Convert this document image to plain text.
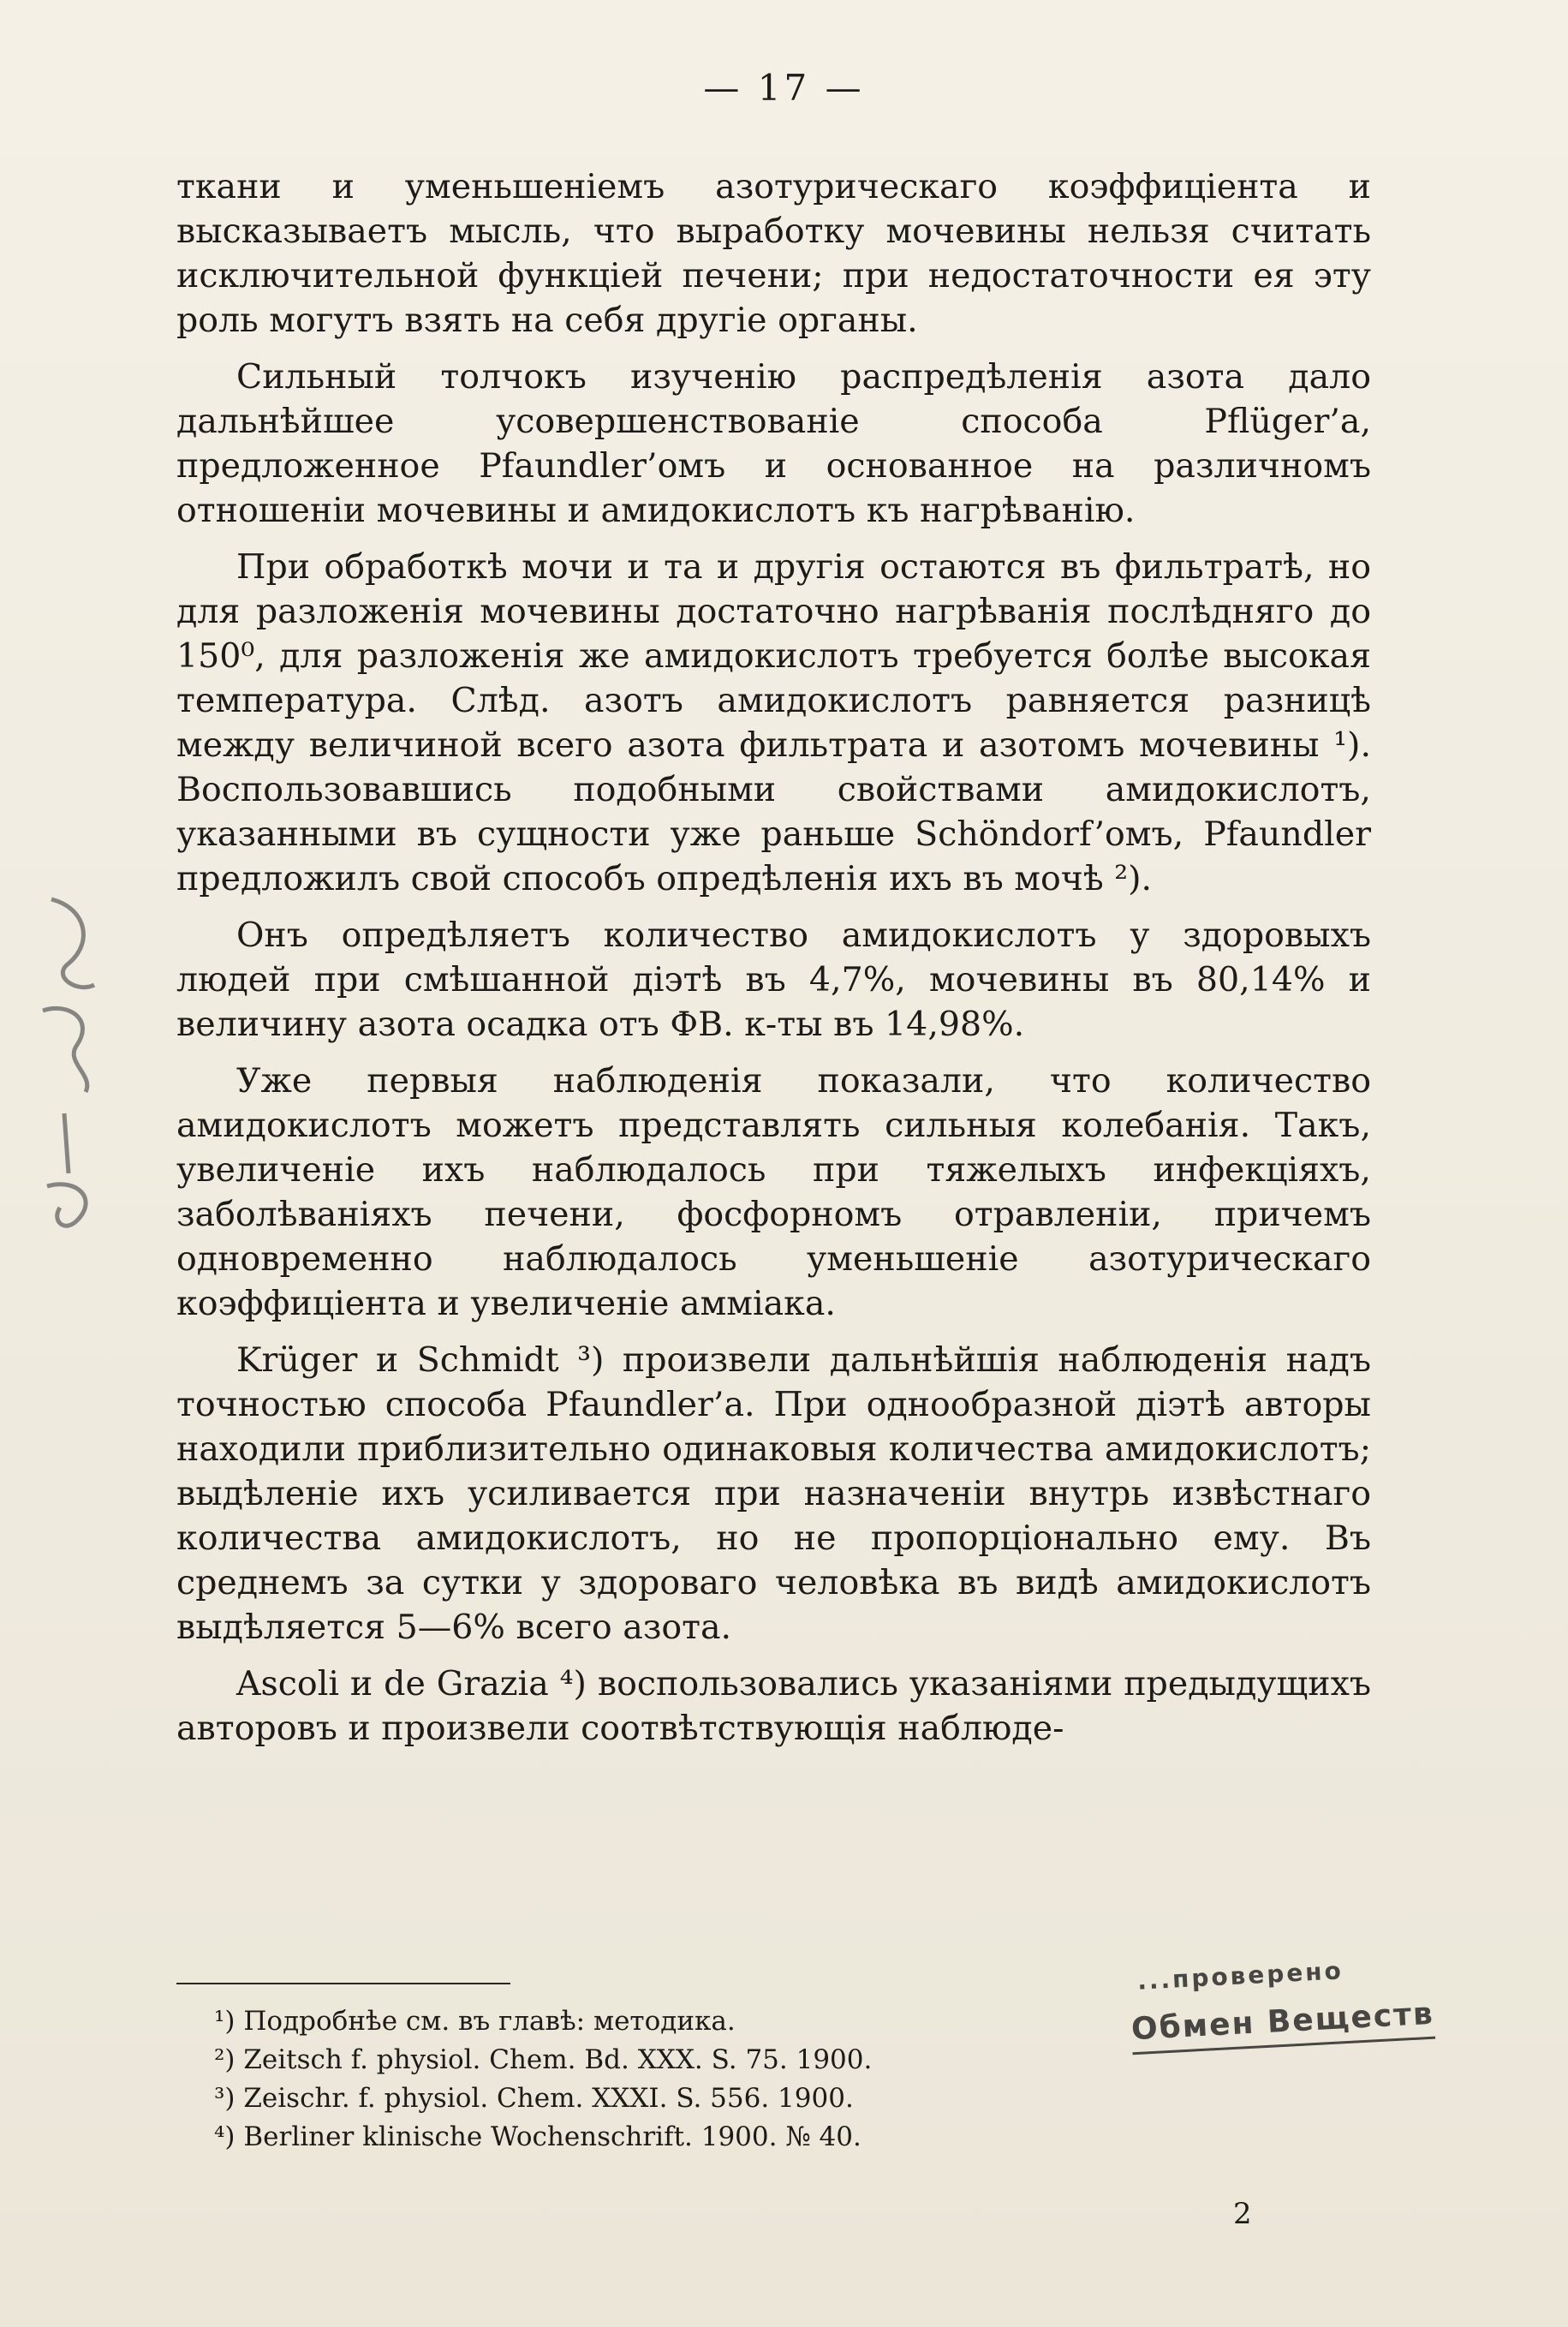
— 17 —

ткани и уменьшеніемъ азотурическаго коэффиціента и высказываетъ мысль, что выработку мочевины нельзя считать исключительной функціей печени; при недостаточности ея эту роль могутъ взять на себя другіе органы.

Сильный толчокъ изученію распредѣленія азота дало дальнѣйшее усовершенствованіе способа Pflüger’a, предложенное Pfaundler’омъ и основанное на различномъ отношеніи мочевины и амидокислотъ къ нагрѣванію.

При обработкѣ мочи и та и другія остаются въ фильтратѣ, но для разложенія мочевины достаточно нагрѣванія послѣдняго до 150⁰, для разложенія же амидокислотъ требуется болѣе высокая температура. Слѣд. азотъ амидокислотъ равняется разницѣ между величиной всего азота фильтрата и азотомъ мочевины ¹). Воспользовавшись подобными свойствами амидокислотъ, указанными въ сущности уже раньше Schöndorf’омъ, Pfaundler предложилъ свой способъ опредѣленія ихъ въ мочѣ ²).

Онъ опредѣляетъ количество амидокислотъ у здоровыхъ людей при смѣшанной діэтѣ въ 4,7%, мочевины въ 80,14% и величину азота осадка отъ ФВ. к-ты въ 14,98%.

Уже первыя наблюденія показали, что количество амидокислотъ можетъ представлять сильныя колебанія. Такъ, увеличеніе ихъ наблюдалось при тяжелыхъ инфекціяхъ, заболѣваніяхъ печени, фосфорномъ отравленіи, причемъ одновременно наблюдалось уменьшеніе азотурическаго коэффиціента и увеличеніе амміака.

Krüger и Schmidt ³) произвели дальнѣйшія наблюденія надъ точностью способа Pfaundler’a. При однообразной діэтѣ авторы находили приблизительно одинаковыя количества амидокислотъ; выдѣленіе ихъ усиливается при назначеніи внутрь извѣстнаго количества амидокислотъ, но не пропорціонально ему. Въ среднемъ за сутки у здороваго человѣка въ видѣ амидокислотъ выдѣляется 5—6% всего азота.

Ascoli и de Grazia ⁴) воспользовались указаніями предыдущихъ авторовъ и произвели соотвѣтствующія наблюде-

¹) Подробнѣе см. въ главѣ: методика.

²) Zeitsch f. physiol. Chem. Bd. XXX. S. 75. 1900.

³) Zeischr. f. physiol. Chem. XXXI. S. 556. 1900.

⁴) Berliner klinische Wochenschrift. 1900. № 40.

...проверено
Обмен Веществ
2
